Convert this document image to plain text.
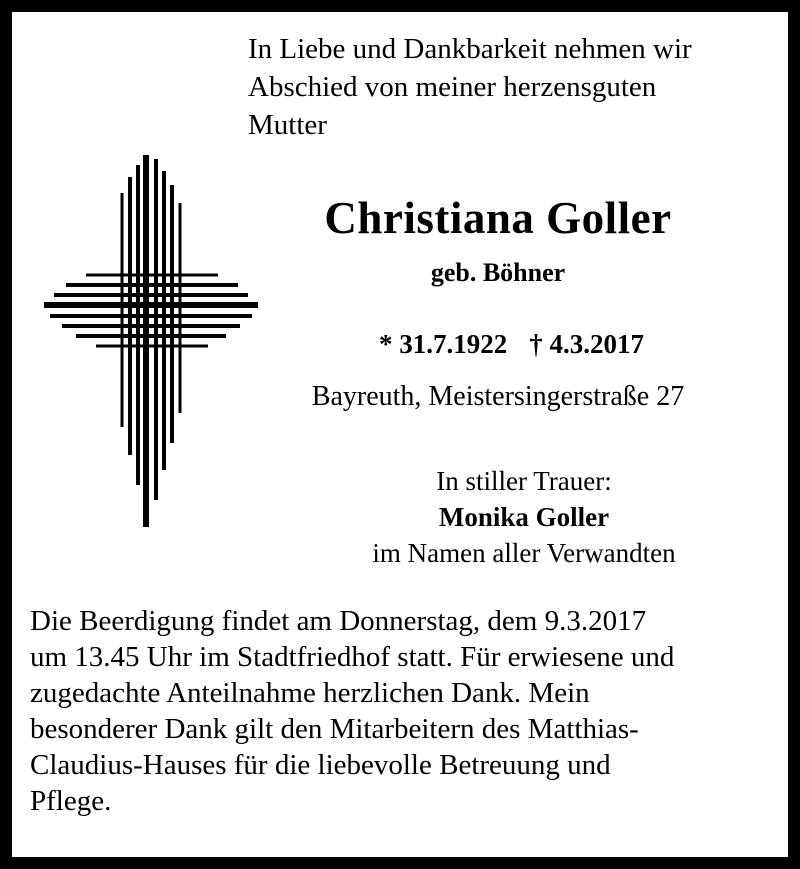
In Liebe und Dankbarkeit nehmen wir
Abschied von meiner herzensguten
Mutter
Christiana Goller
geb. Böhner

* 31.7.1922 † 4.3.2017

Bayreuth, Meistersingerstraße 27
In stiller Trauer:
Monika Goller
im Namen aller Verwandten
Die Beerdigung findet am Donnerstag, dem 9.3.2017
um 13.45 Uhr im Stadtfriedhof statt. Für erwiesene und
zugedachte Anteilnahme herzlichen Dank. Mein
besonderer Dank gilt den Mitarbeitern des Matthias-
Claudius-Hauses für die liebevolle Betreuung und
Pflege.
